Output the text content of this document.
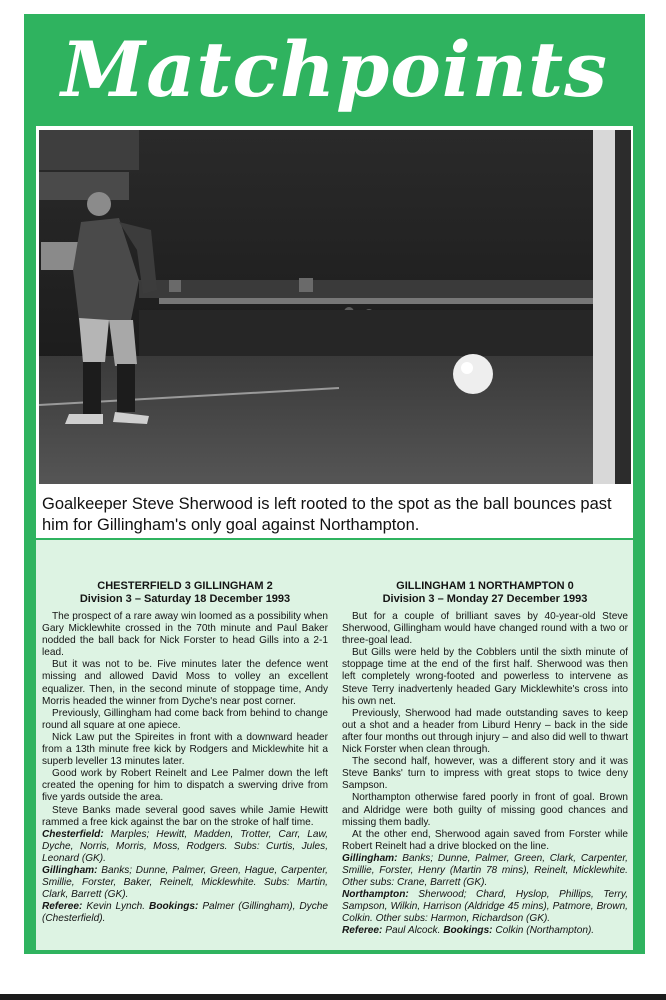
Matchpoints
Goalkeeper Steve Sherwood is left rooted to the spot as the ball bounces past him for Gillingham's only goal against Northampton.
CHESTERFIELD 3 GILLINGHAM 2
Division 3 – Saturday 18 December 1993

The prospect of a rare away win loomed as a possibility when Gary Micklewhite crossed in the 70th minute and Paul Baker nodded the ball back for Nick Forster to head Gills into a 2-1 lead.

But it was not to be. Five minutes later the defence went missing and allowed David Moss to volley an excellent equalizer. Then, in the second minute of stoppage time, Andy Morris headed the winner from Dyche's near post corner.

Previously, Gillingham had come back from behind to change round all square at one apiece.

Nick Law put the Spireites in front with a downward header from a 13th minute free kick by Rodgers and Micklewhite hit a superb leveller 13 minutes later.

Good work by Robert Reinelt and Lee Palmer down the left created the opening for him to dispatch a swerving drive from five yards outside the area.

Steve Banks made several good saves while Jamie Hewitt rammed a free kick against the bar on the stroke of half time.

Chesterfield: Marples; Hewitt, Madden, Trotter, Carr, Law, Dyche, Norris, Morris, Moss, Rodgers. Subs: Curtis, Jules, Leonard (GK).

Gillingham: Banks; Dunne, Palmer, Green, Hague, Carpenter, Smillie, Forster, Baker, Reinelt, Micklewhite. Subs: Martin, Clark, Barrett (GK).

Referee: Kevin Lynch. Bookings: Palmer (Gillingham), Dyche (Chesterfield).

GILLINGHAM 1 NORTHAMPTON 0
Division 3 – Monday 27 December 1993

But for a couple of brilliant saves by 40-year-old Steve Sherwood, Gillingham would have changed round with a two or three-goal lead.

But Gills were held by the Cobblers until the sixth minute of stoppage time at the end of the first half. Sherwood was then left completely wrong-footed and powerless to intervene as Steve Terry inadvertenly headed Gary Micklewhite's cross into his own net.

Previously, Sherwood had made outstanding saves to keep out a shot and a header from Liburd Henry – back in the side after four months out through injury – and also did well to thwart Nick Forster when clean through.

The second half, however, was a different story and it was Steve Banks' turn to impress with great stops to twice deny Sampson.

Northampton otherwise fared poorly in front of goal. Brown and Aldridge were both guilty of missing good chances and missing them badly.

At the other end, Sherwood again saved from Forster while Robert Reinelt had a drive blocked on the line.

Gillingham: Banks; Dunne, Palmer, Green, Clark, Carpenter, Smillie, Forster, Henry (Martin 78 mins), Reinelt, Micklewhite. Other subs: Crane, Barrett (GK).

Northampton: Sherwood; Chard, Hyslop, Phillips, Terry, Sampson, Wilkin, Harrison (Aldridge 45 mins), Patmore, Brown, Colkin. Other subs: Harmon, Richardson (GK).

Referee: Paul Alcock. Bookings: Colkin (Northampton).
